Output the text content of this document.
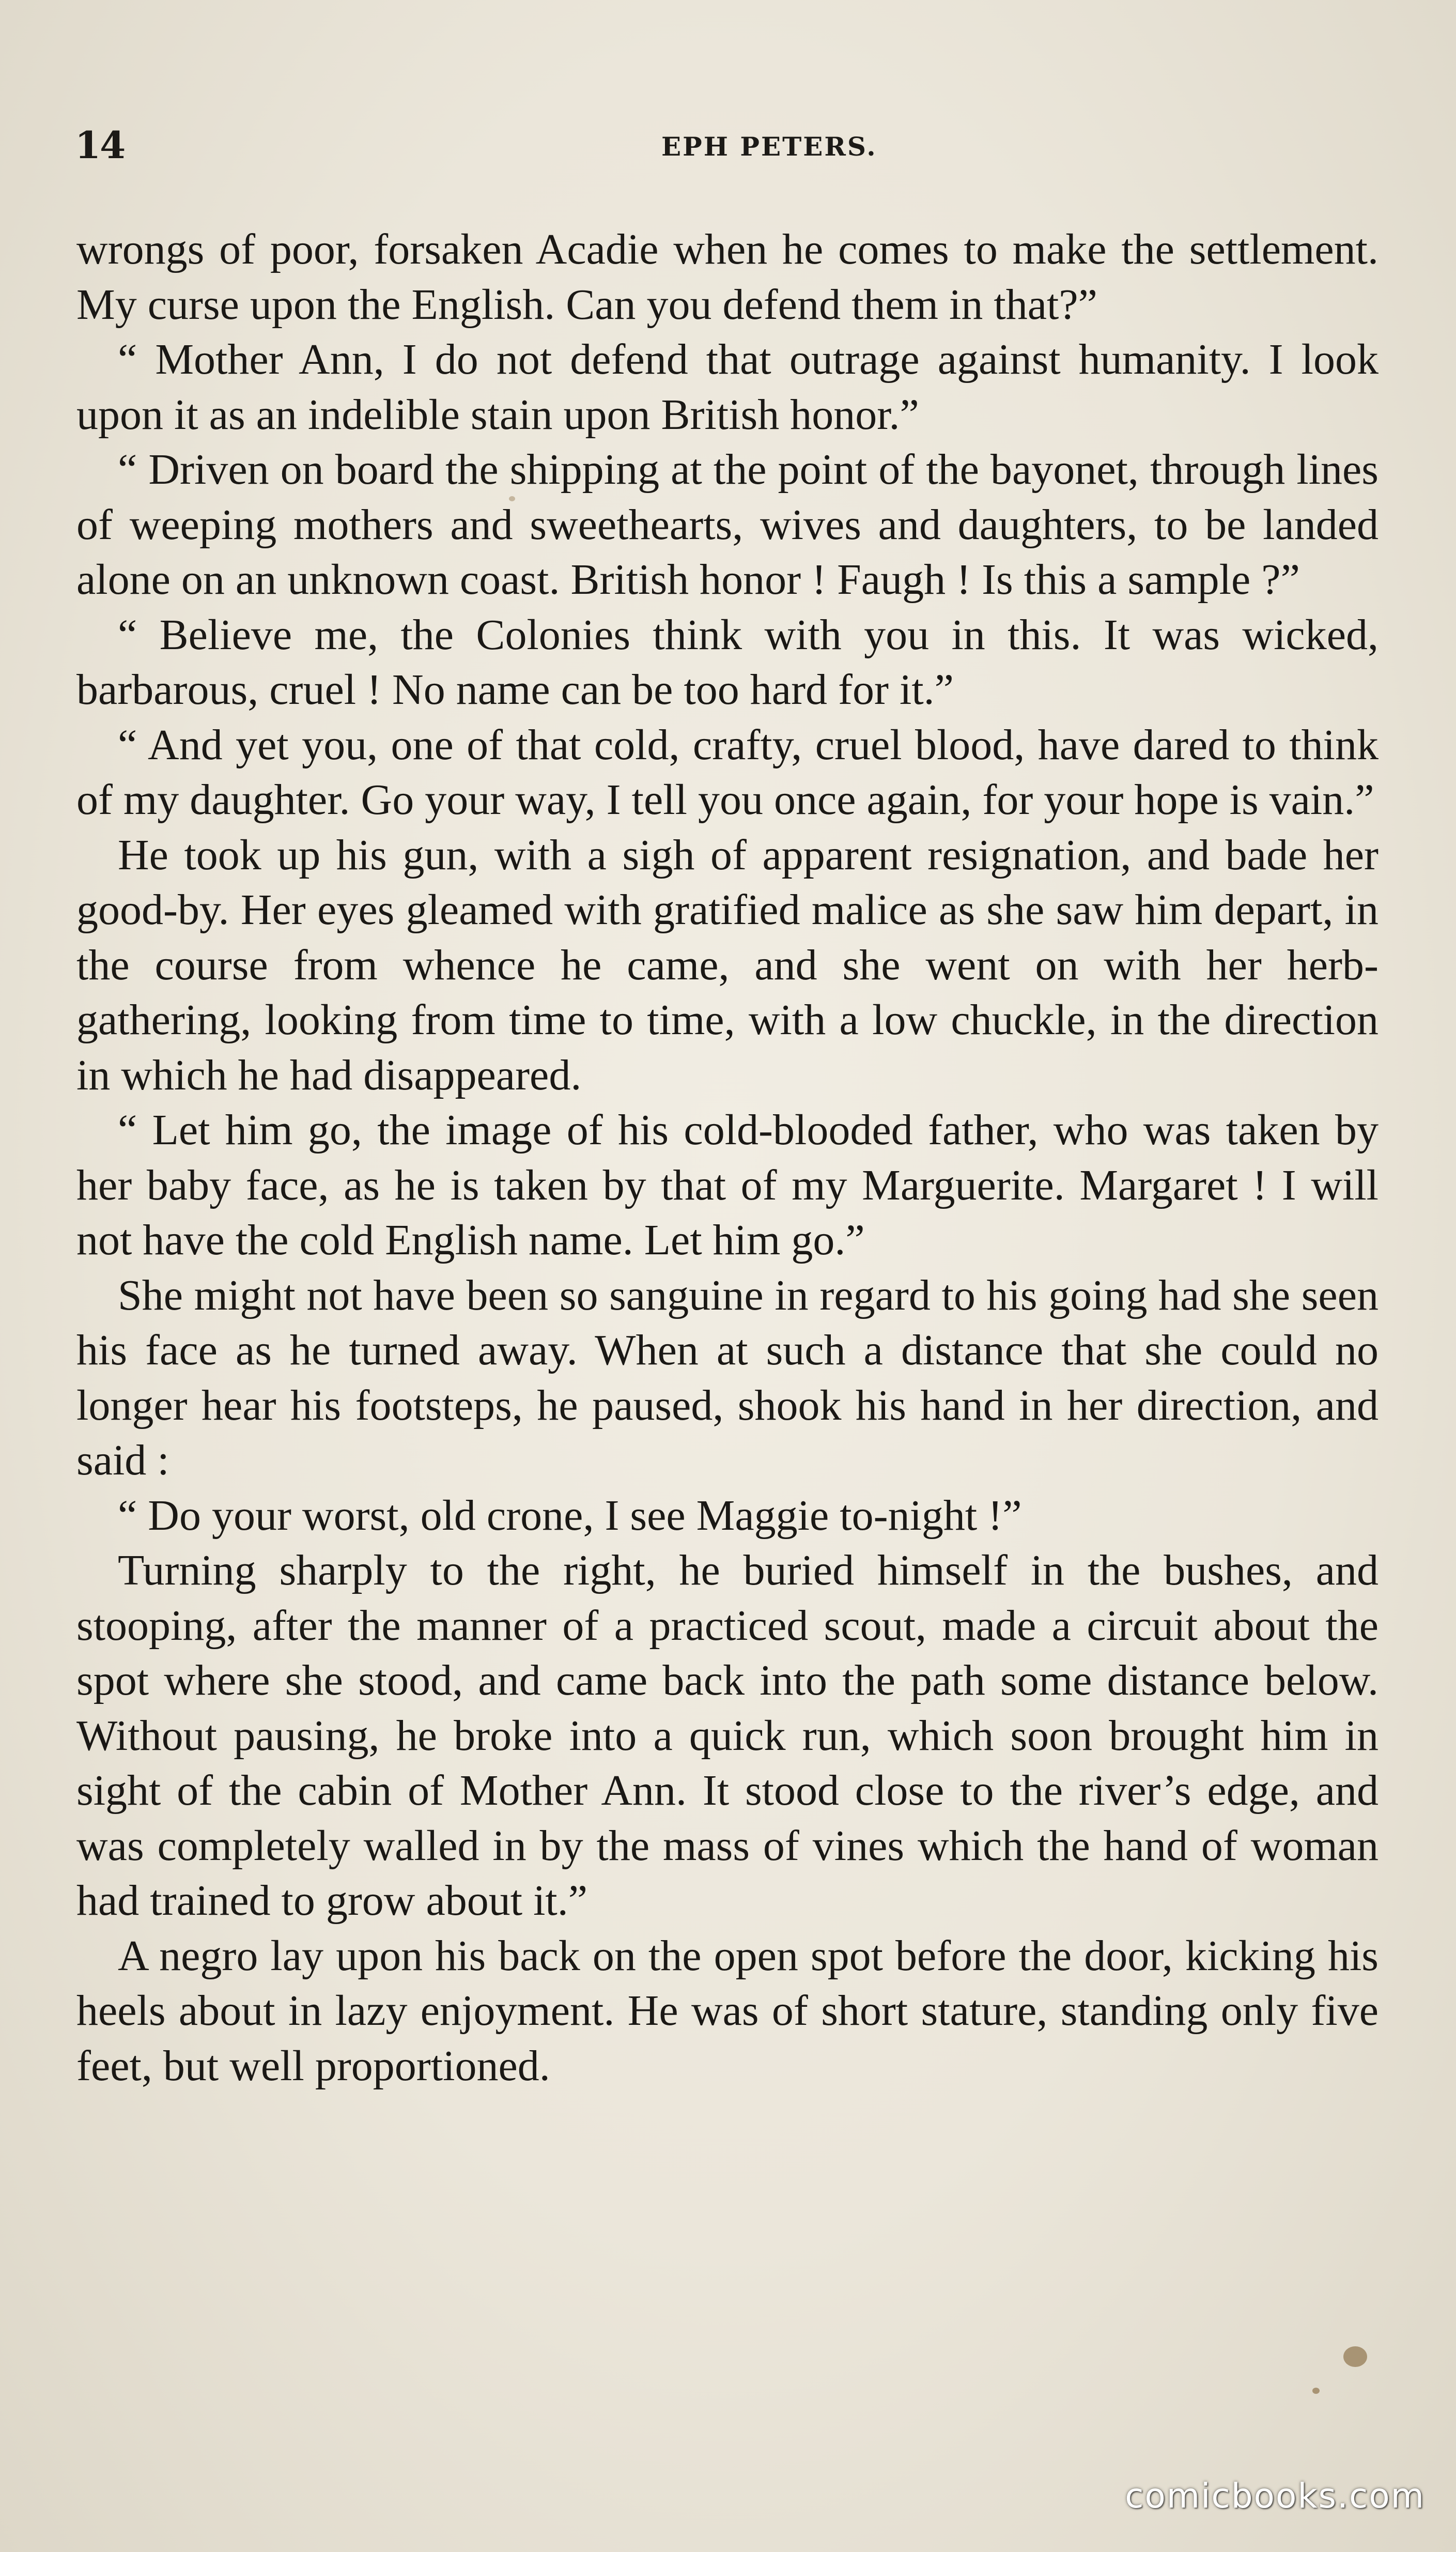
14	EPH PETERS.

wrongs of poor, forsaken Acadie when he comes to make the settlement. My curse upon the English. Can you defend them in that?”

“ Mother Ann, I do not defend that outrage against humanity. I look upon it as an indelible stain upon British honor.”

“ Driven on board the shipping at the point of the bayonet, through lines of weeping mothers and sweethearts, wives and daughters, to be landed alone on an unknown coast. British honor ! Faugh ! Is this a sample ?”

“ Believe me, the Colonies think with you in this. It was wicked, barbarous, cruel ! No name can be too hard for it.”

“ And yet you, one of that cold, crafty, cruel blood, have dared to think of my daughter. Go your way, I tell you once again, for your hope is vain.”

He took up his gun, with a sigh of apparent resignation, and bade her good-by. Her eyes gleamed with gratified malice as she saw him depart, in the course from whence he came, and she went on with her herb-gathering, looking from time to time, with a low chuckle, in the direction in which he had disappeared.

“ Let him go, the image of his cold-blooded father, who was taken by her baby face, as he is taken by that of my Marguerite. Margaret ! I will not have the cold English name. Let him go.”

She might not have been so sanguine in regard to his going had she seen his face as he turned away. When at such a distance that she could no longer hear his footsteps, he paused, shook his hand in her direction, and said :

“ Do your worst, old crone, I see Maggie to-night !”

Turning sharply to the right, he buried himself in the bushes, and stooping, after the manner of a practiced scout, made a circuit about the spot where she stood, and came back into the path some distance below. Without pausing, he broke into a quick run, which soon brought him in sight of the cabin of Mother Ann. It stood close to the river’s edge, and was completely walled in by the mass of vines which the hand of woman had trained to grow about it.”

A negro lay upon his back on the open spot before the door, kicking his heels about in lazy enjoyment. He was of short stature, standing only five feet, but well proportioned.

comicbooks.com
